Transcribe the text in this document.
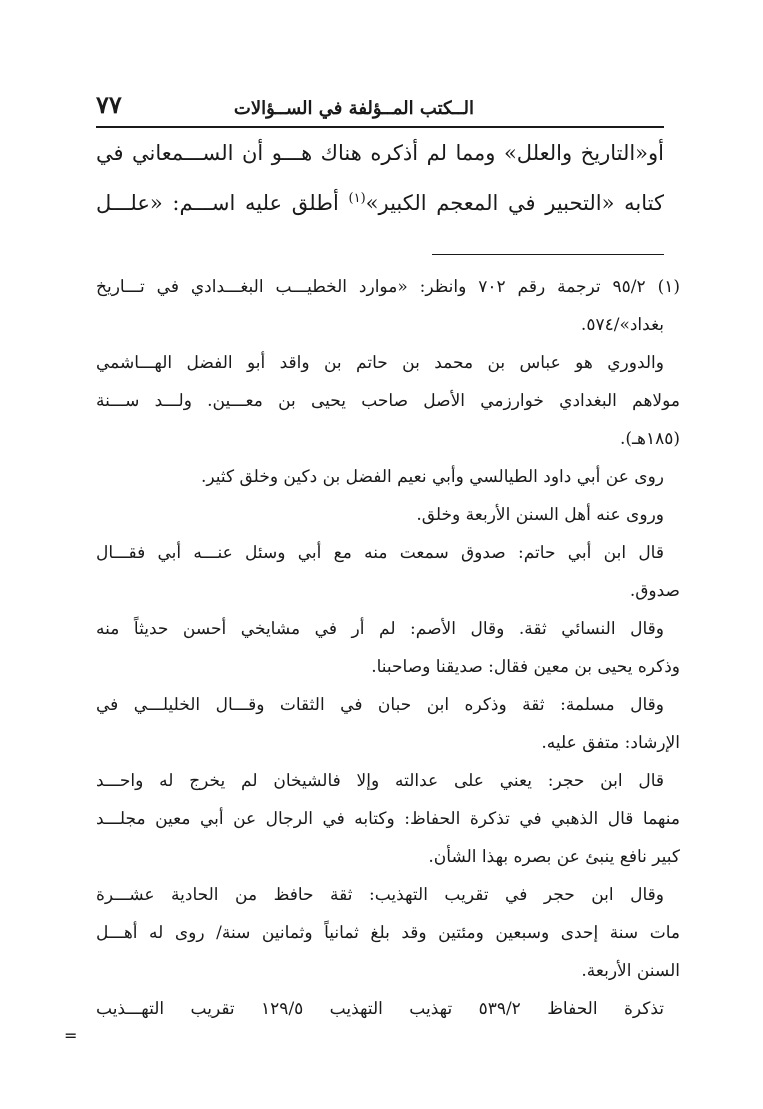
٧٧	الــكتب المــؤلفة في الســؤالات
أو«التاريخ والعلل» ومما لم أذكره هناك هـــو أن الســـمعاني في
كتابه «التحبير في المعجم الكبير»$^{(١)}$ أطلق عليه اســـم: «علـــل
(١) ٩٥/٢ ترجمة رقم ٧٠٢ وانظر: «موارد الخطيـــب البغـــدادي في تـــاريخ
بغداد»/٥٧٤.
والدوري هو عباس بن محمد بن حاتم بن واقد أبو الفضل الهـــاشمي
مولاهم البغدادي خوارزمي الأصل صاحب يحيى بن معـــين. ولـــد ســـنة
(١٨٥هـ).
روى عن أبي داود الطيالسي وأبي نعيم الفضل بن دكين وخلق كثير.
وروى عنه أهل السنن الأربعة وخلق.
قال ابن أبي حاتم: صدوق سمعت منه مع أبي وسئل عنـــه أبي فقـــال
صدوق.
وقال النسائي ثقة. وقال الأصم: لم أر في مشايخي أحسن حديثاً منه
وذكره يحيى بن معين فقال: صديقنا وصاحبنا.
وقال مسلمة: ثقة وذكره ابن حبان في الثقات وقـــال الخليلـــي في
الإرشاد: متفق عليه.
قال ابن حجر: يعني على عدالته وإلا فالشيخان لم يخرج له واحـــد
منهما قال الذهبي في تذكرة الحفاظ: وكتابه في الرجال عن أبي معين مجلـــد
كبير نافع ينبئ عن بصره بهذا الشأن.
وقال ابن حجر في تقريب التهذيب: ثقة حافظ من الحادية عشـــرة
مات سنة إحدى وسبعين ومئتين وقد بلغ ثمانياً وثمانين سنة/ روى له أهـــل
السنن الأربعة.
تذكرة الحفاظ ٥٣٩/٢ تهذيب التهذيب ١٢٩/٥ تقريب التهـــذيب
=
